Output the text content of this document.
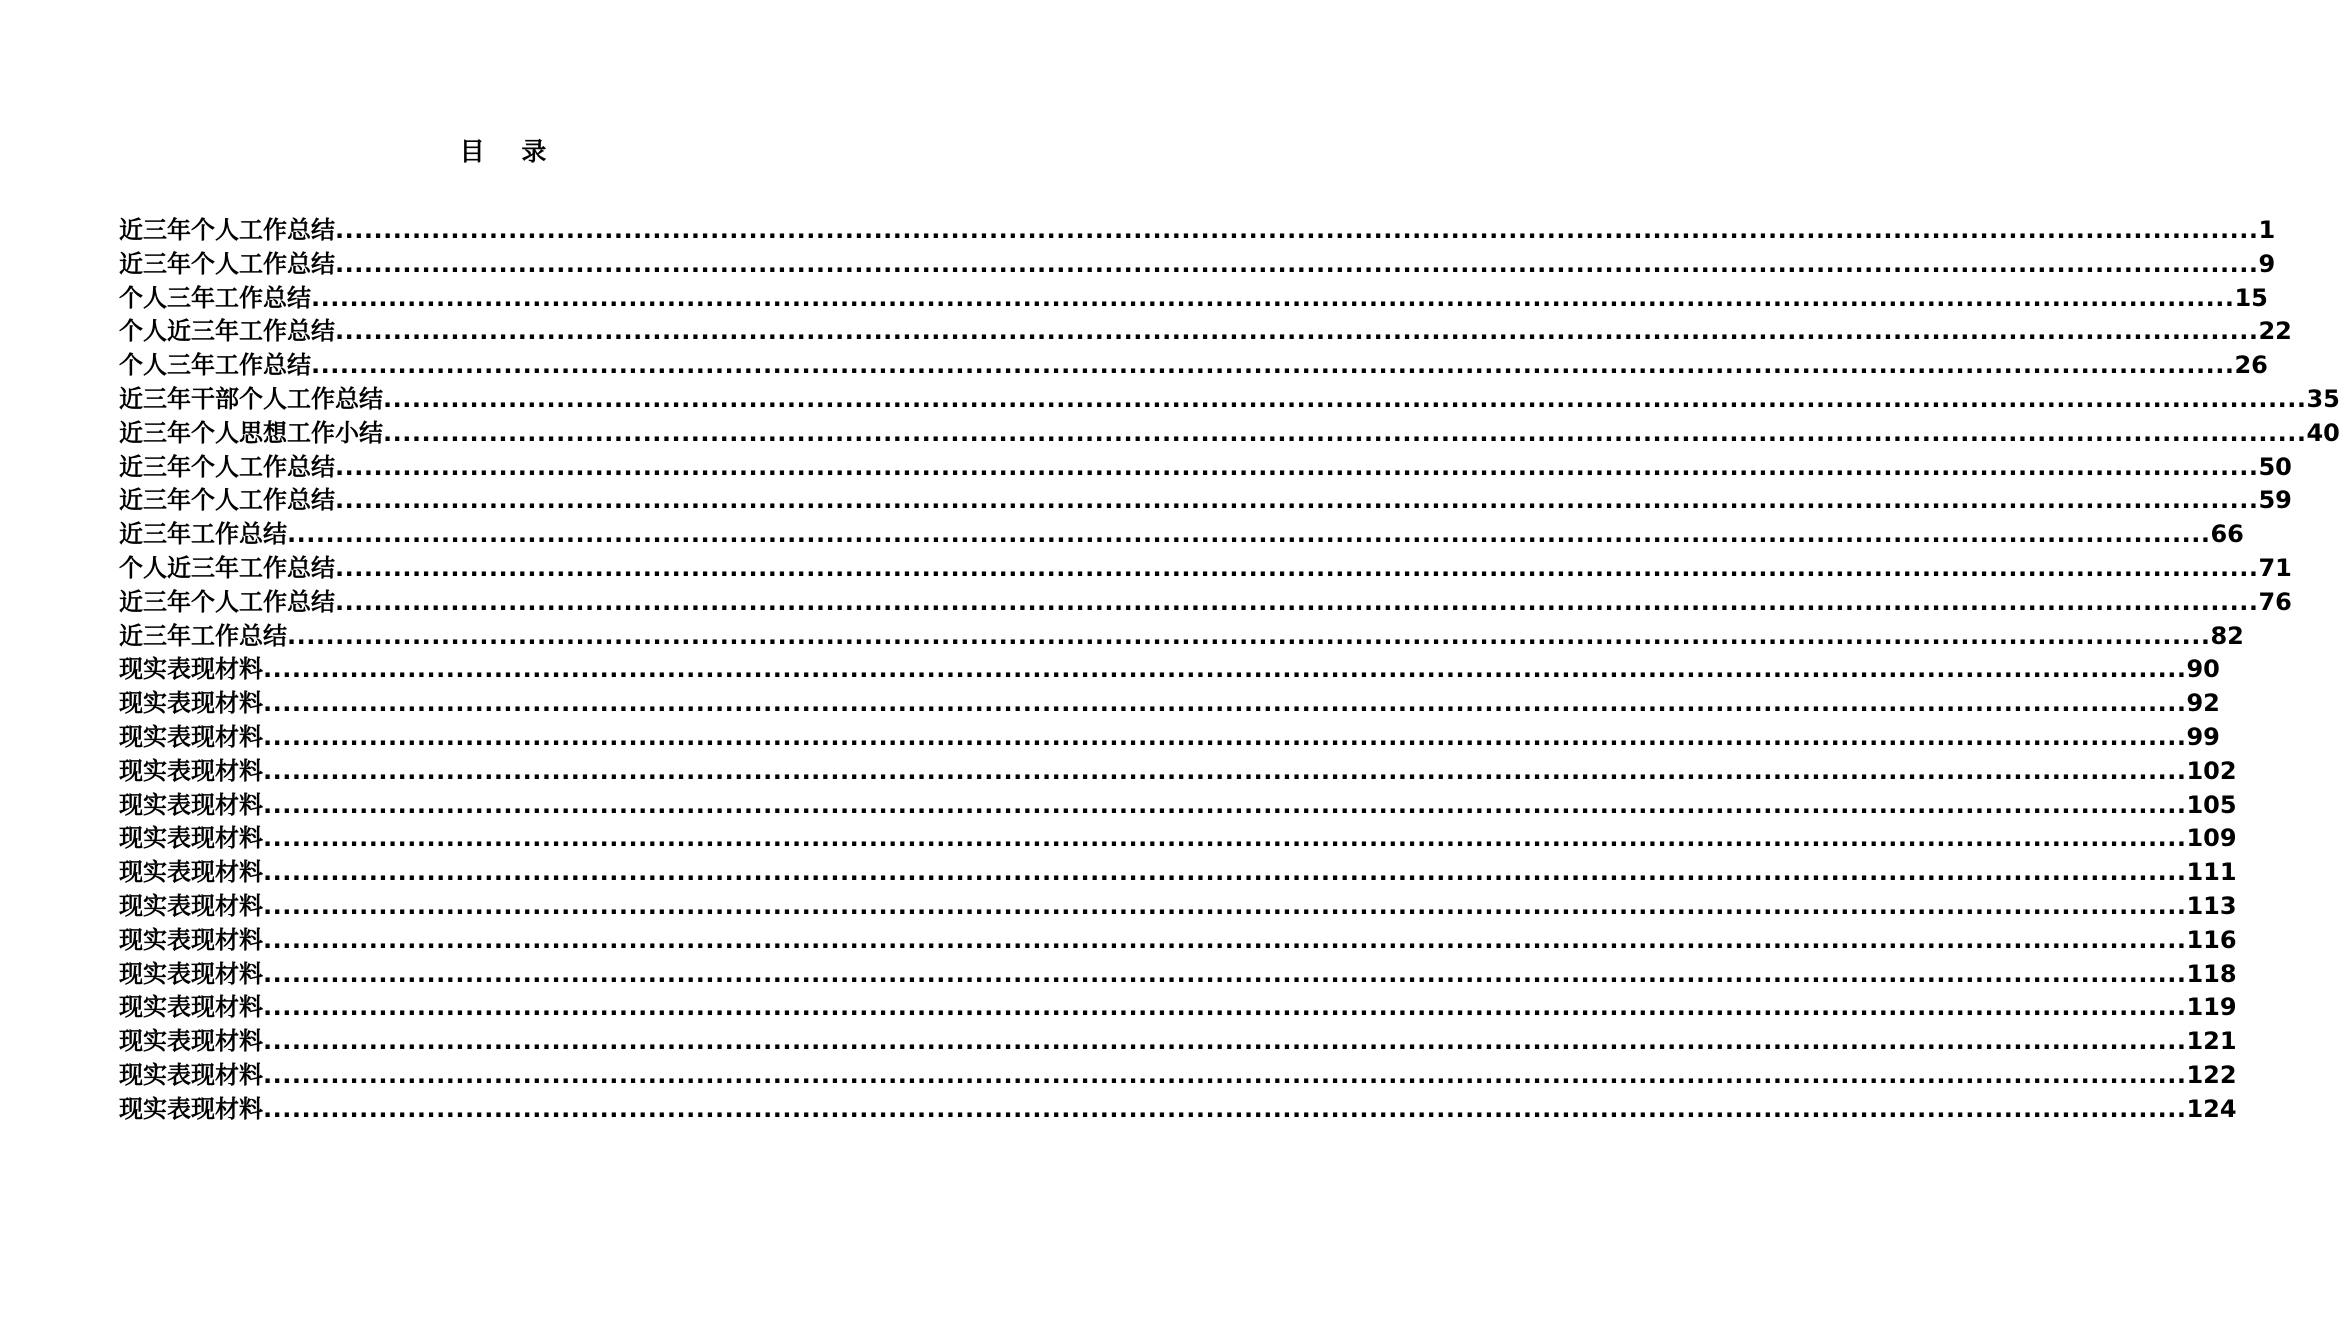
目 录
近三年个人工作总结 ........................................................................................................................................................................................................ 1
近三年个人工作总结 ........................................................................................................................................................................................................ 9
个人三年工作总结 ........................................................................................................................................................................................................ 15
个人近三年工作总结 ........................................................................................................................................................................................................ 22
个人三年工作总结 ........................................................................................................................................................................................................ 26
近三年干部个人工作总结 ........................................................................................................................................................................................................ 35
近三年个人思想工作小结 ........................................................................................................................................................................................................ 40
近三年个人工作总结 ........................................................................................................................................................................................................ 50
近三年个人工作总结 ........................................................................................................................................................................................................ 59
近三年工作总结 ........................................................................................................................................................................................................ 66
个人近三年工作总结 ........................................................................................................................................................................................................ 71
近三年个人工作总结 ........................................................................................................................................................................................................ 76
近三年工作总结 ........................................................................................................................................................................................................ 82
现实表现材料 ........................................................................................................................................................................................................ 90
现实表现材料 ........................................................................................................................................................................................................ 92
现实表现材料 ........................................................................................................................................................................................................ 99
现实表现材料 ........................................................................................................................................................................................................ 102
现实表现材料 ........................................................................................................................................................................................................ 105
现实表现材料 ........................................................................................................................................................................................................ 109
现实表现材料 ........................................................................................................................................................................................................ 111
现实表现材料 ........................................................................................................................................................................................................ 113
现实表现材料 ........................................................................................................................................................................................................ 116
现实表现材料 ........................................................................................................................................................................................................ 118
现实表现材料 ........................................................................................................................................................................................................ 119
现实表现材料 ........................................................................................................................................................................................................ 121
现实表现材料 ........................................................................................................................................................................................................ 122
现实表现材料 ........................................................................................................................................................................................................ 124
